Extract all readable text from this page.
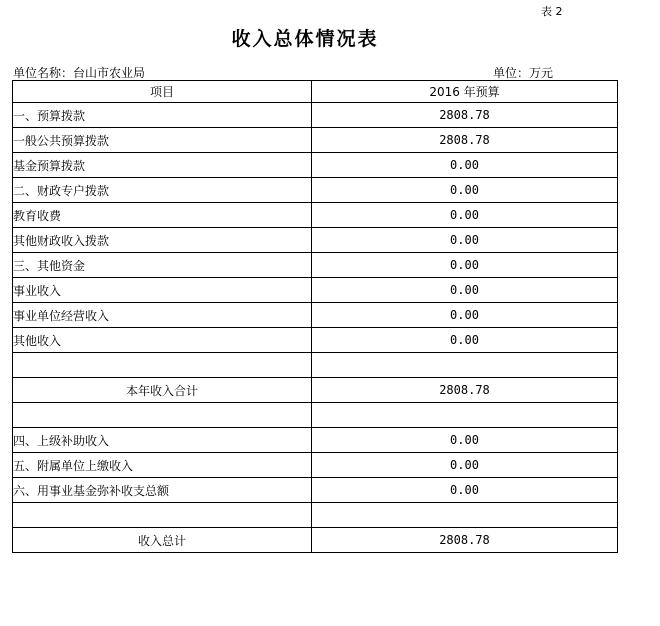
表 2
收入总体情况表
单位名称：台山市农业局	单位：万元
项目	2016 年预算
一、预算拨款	2808.78
一般公共预算拨款	2808.78
基金预算拨款	0.00
二、财政专户拨款	0.00
教育收费	0.00
其他财政收入拨款	0.00
三、其他资金	0.00
事业收入	0.00
事业单位经营收入	0.00
其他收入	0.00

本年收入合计	2808.78

四、上级补助收入	0.00
五、附属单位上缴收入	0.00
六、用事业基金弥补收支总额	0.00

收入总计	2808.78
